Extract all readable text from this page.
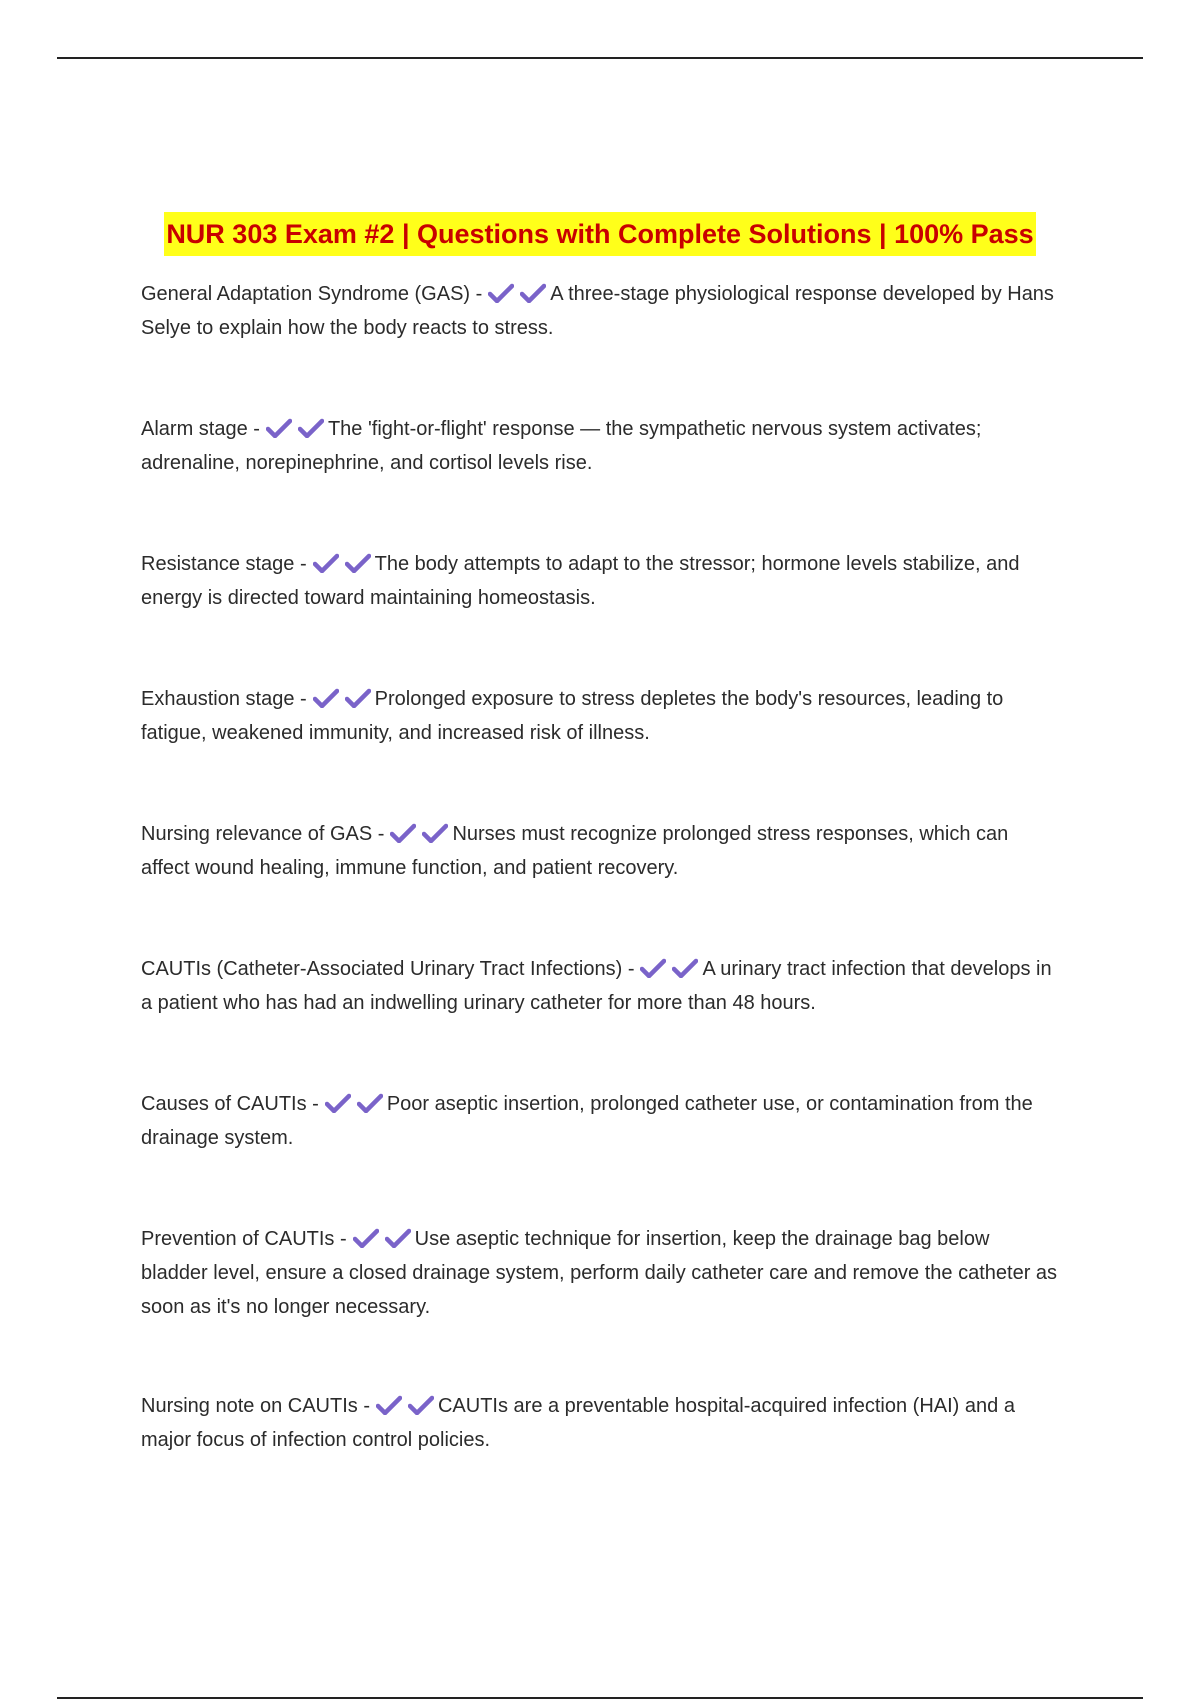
NUR 303 Exam #2 | Questions with Complete Solutions | 100% Pass

General Adaptation Syndrome (GAS) -	A three-stage physiological response developed by Hans Selye to explain how the body reacts to stress.

Alarm stage -	The 'fight-or-flight' response — the sympathetic nervous system activates; adrenaline, norepinephrine, and cortisol levels rise.

Resistance stage -	The body attempts to adapt to the stressor; hormone levels stabilize, and energy is directed toward maintaining homeostasis.

Exhaustion stage -	Prolonged exposure to stress depletes the body's resources, leading to fatigue, weakened immunity, and increased risk of illness.

Nursing relevance of GAS -	Nurses must recognize prolonged stress responses, which can affect wound healing, immune function, and patient recovery.

CAUTIs (Catheter-Associated Urinary Tract Infections) -	A urinary tract infection that develops in a patient who has had an indwelling urinary catheter for more than 48 hours.

Causes of CAUTIs -	Poor aseptic insertion, prolonged catheter use, or contamination from the drainage system.

Prevention of CAUTIs -	Use aseptic technique for insertion, keep the drainage bag below bladder level, ensure a closed drainage system, perform daily catheter care and remove the catheter as soon as it's no longer necessary.

Nursing note on CAUTIs -	CAUTIs are a preventable hospital-acquired infection (HAI) and a major focus of infection control policies.
